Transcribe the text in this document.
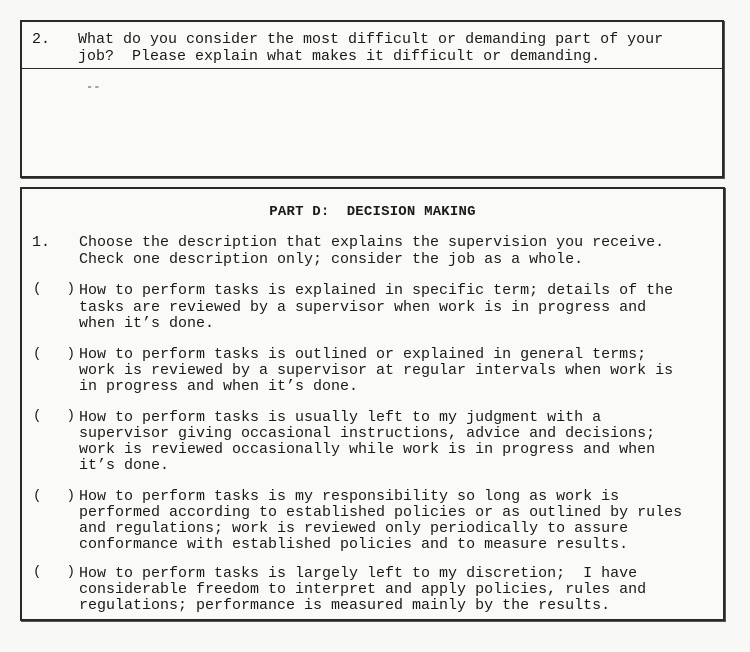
2. What do you consider the most difficult or demanding part of your
job?  Please explain what makes it difficult or demanding.
--
PART D:  DECISION MAKING
1. Choose the description that explains the supervision you receive.
Check one description only; consider the job as a whole.
(   ) How to perform tasks is explained in specific term; details of the
tasks are reviewed by a supervisor when work is in progress and
when it’s done.
(   ) How to perform tasks is outlined or explained in general terms;
work is reviewed by a supervisor at regular intervals when work is
in progress and when it’s done.
(   ) How to perform tasks is usually left to my judgment with a
supervisor giving occasional instructions, advice and decisions;
work is reviewed occasionally while work is in progress and when
it’s done.
(   ) How to perform tasks is my responsibility so long as work is
performed according to established policies or as outlined by rules
and regulations; work is reviewed only periodically to assure
conformance with established policies and to measure results.
(   ) How to perform tasks is largely left to my discretion;  I have
considerable freedom to interpret and apply policies, rules and
regulations; performance is measured mainly by the results.
